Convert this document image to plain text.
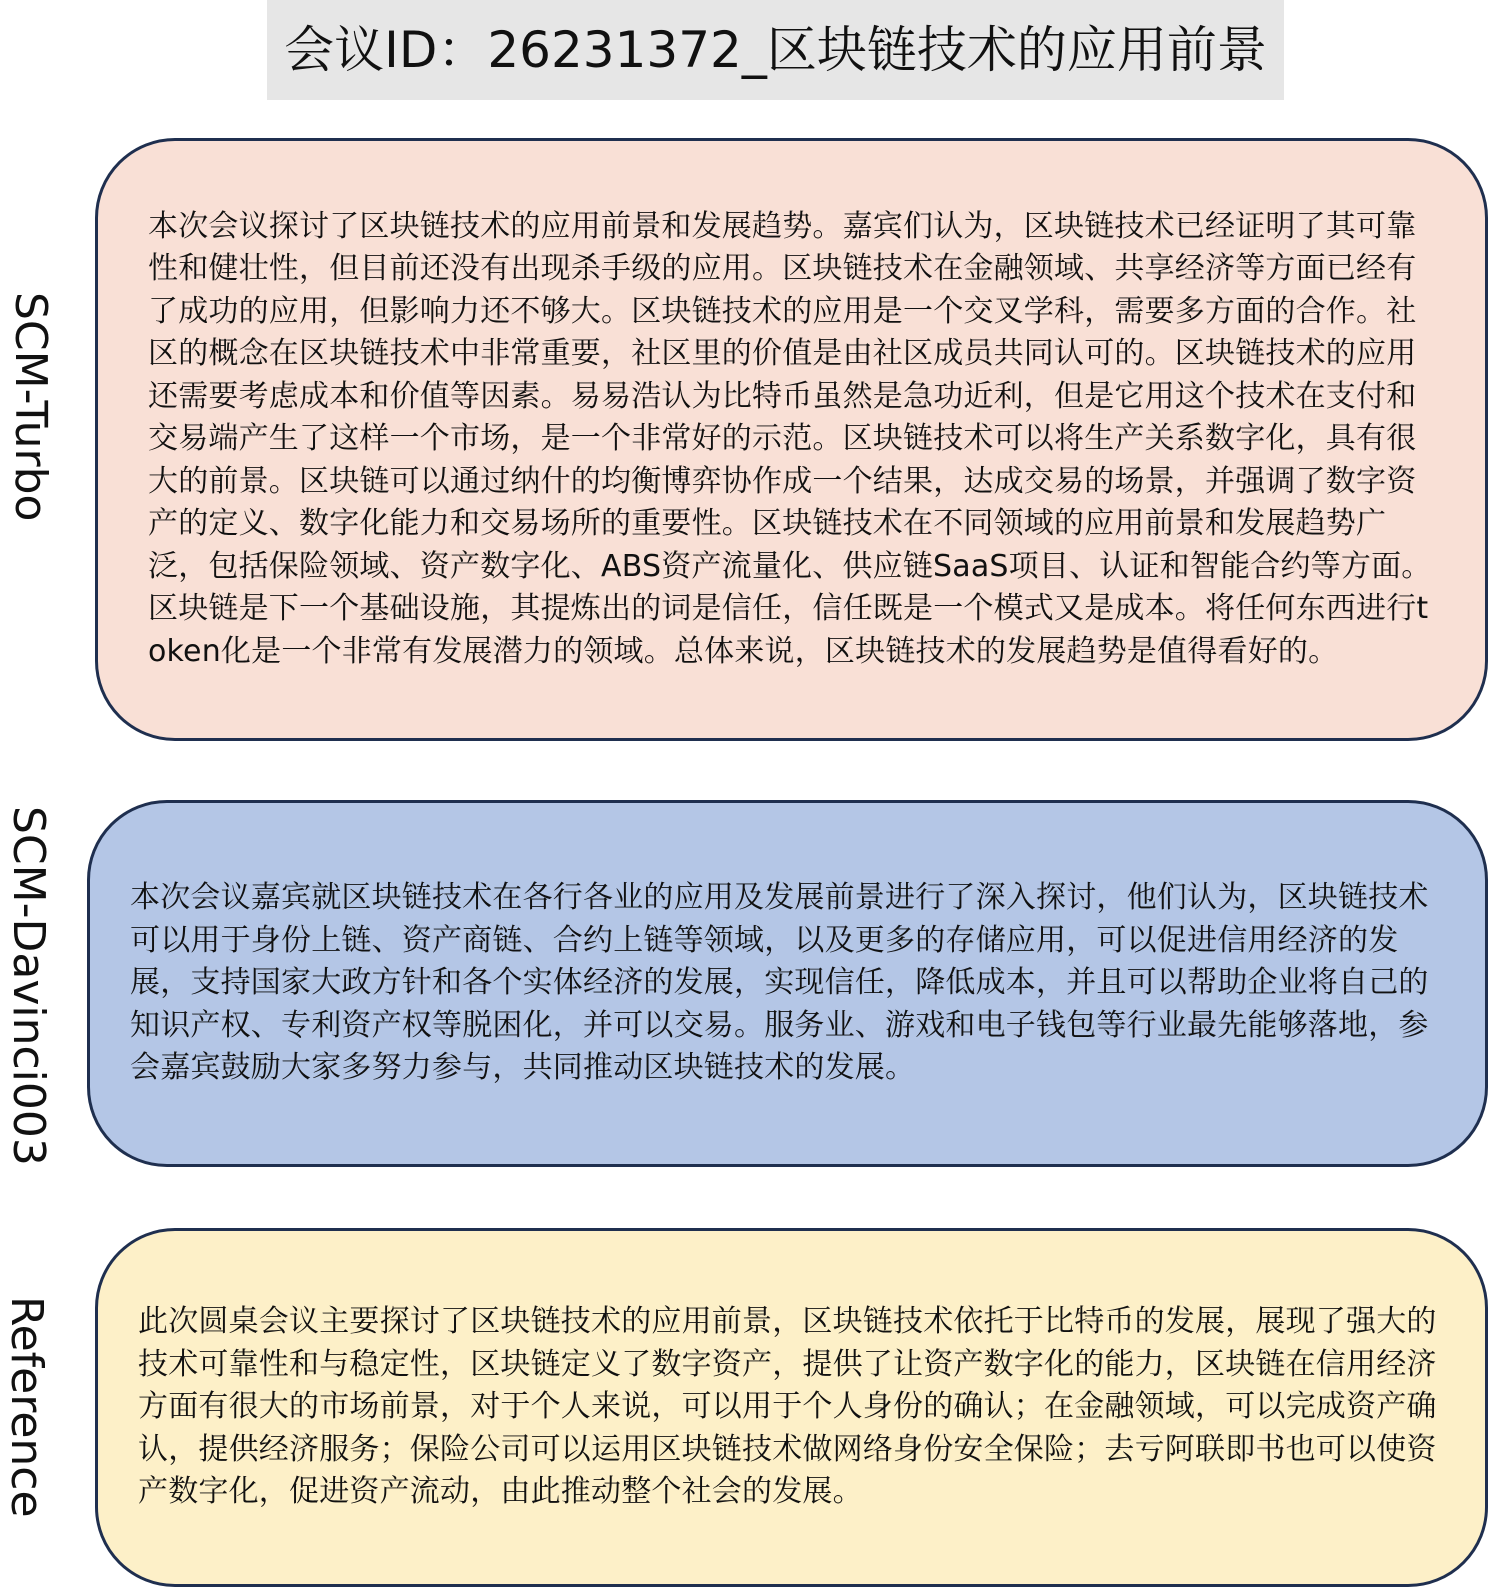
会议ID：26231372_区块链技术的应用前景
SCM-Turbo

本次会议探讨了区块链技术的应用前景和发展趋势。嘉宾们认为，区块链技术已经证明了其可靠性和健壮性，但目前还没有出现杀手级的应用。区块链技术在金融领域、共享经济等方面已经有了成功的应用，但影响力还不够大。区块链技术的应用是一个交叉学科，需要多方面的合作。社区的概念在区块链技术中非常重要，社区里的价值是由社区成员共同认可的。区块链技术的应用还需要考虑成本和价值等因素。易易浩认为比特币虽然是急功近利，但是它用这个技术在支付和交易端产生了这样一个市场，是一个非常好的示范。区块链技术可以将生产关系数字化，具有很大的前景。区块链可以通过纳什的均衡博弈协作成一个结果，达成交易的场景，并强调了数字资产的定义、数字化能力和交易场所的重要性。区块链技术在不同领域的应用前景和发展趋势广泛，包括保险领域、资产数字化、ABS资产流量化、供应链SaaS项目、认证和智能合约等方面。区块链是下一个基础设施，其提炼出的词是信任，信任既是一个模式又是成本。将任何东西进行token化是一个非常有发展潜力的领域。总体来说，区块链技术的发展趋势是值得看好的。

SCM-Davinci003	本次会议嘉宾就区块链技术在各行各业的应用及发展前景进行了深入探讨，他们认为，区块链技术可以用于身份上链、资产商链、合约上链等领域，以及更多的存储应用，可以促进信用经济的发展，支持国家大政方针和各个实体经济的发展，实现信任，降低成本，并且可以帮助企业将自己的知识产权、专利资产权等脱困化，并可以交易。服务业、游戏和电子钱包等行业最先能够落地，参会嘉宾鼓励大家多努力参与，共同推动区块链技术的发展。

Reference	此次圆桌会议主要探讨了区块链技术的应用前景，区块链技术依托于比特币的发展，展现了强大的技术可靠性和与稳定性，区块链定义了数字资产，提供了让资产数字化的能力，区块链在信用经济方面有很大的市场前景，对于个人来说，可以用于个人身份的确认；在金融领域，可以完成资产确认，提供经济服务；保险公司可以运用区块链技术做网络身份安全保险；去亏阿联即书也可以使资产数字化，促进资产流动，由此推动整个社会的发展。
